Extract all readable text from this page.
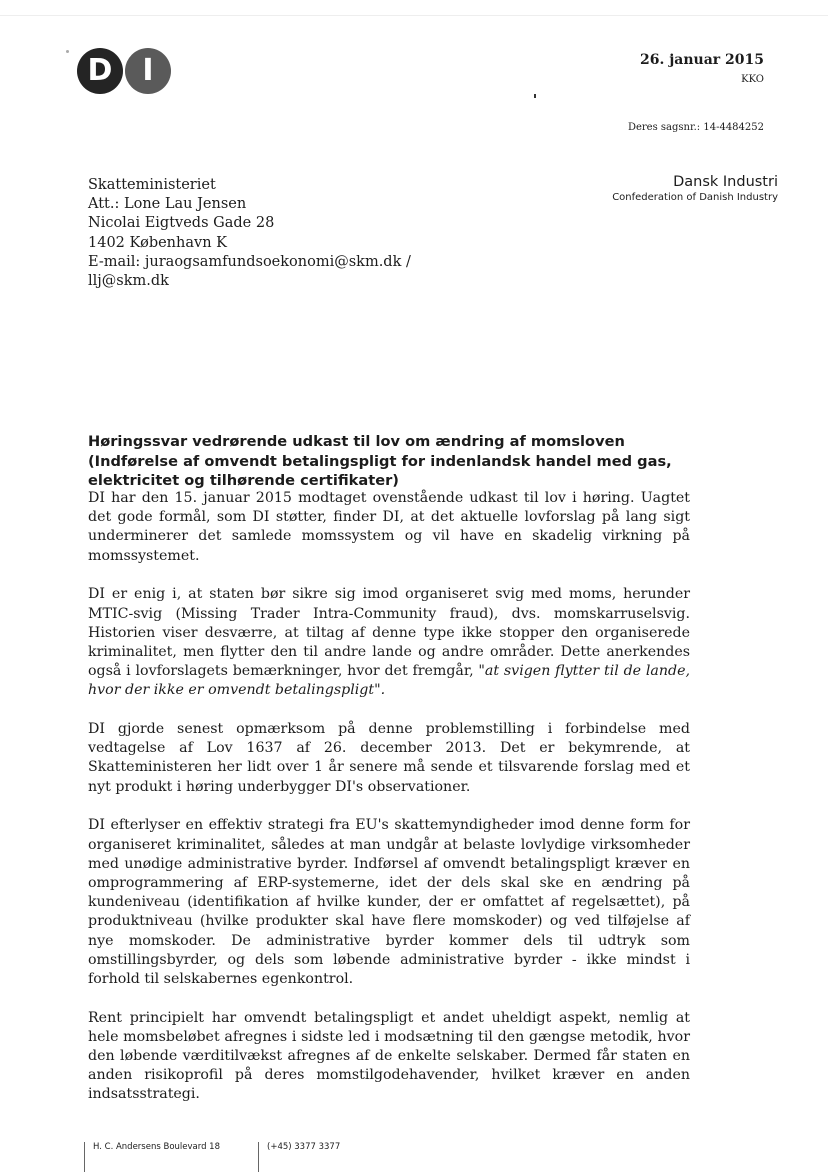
D I	26. januar 2015
KKO
Deres sagsnr.: 14-4484252
Skatteministeriet
Att.: Lone Lau Jensen
Nicolai Eigtveds Gade 28
1402 København K
E-mail: juraogsamfundsoekonomi@skm.dk /
llj@skm.dk
Dansk Industri
Confederation of Danish Industry
Høringssvar vedrørende udkast til lov om ændring af momsloven (Indførelse af omvendt betalingspligt for indenlandsk handel med gas, elektricitet og tilhørende certifikater)

DI har den 15. januar 2015 modtaget ovenstående udkast til lov i høring. Uagtet det gode formål, som DI støtter, finder DI, at det aktuelle lovforslag på lang sigt underminerer det samlede momssystem og vil have en skadelig virkning på momssystemet.

DI er enig i, at staten bør sikre sig imod organiseret svig med moms, herunder MTIC-svig (Missing Trader Intra-Community fraud), dvs. momskarruselsvig. Historien viser desværre, at tiltag af denne type ikke stopper den organiserede kriminalitet, men flytter den til andre lande og andre områder. Dette anerkendes også i lovforslagets bemærkninger, hvor det fremgår, "at svigen flytter til de lande, hvor der ikke er omvendt betalingspligt".

DI gjorde senest opmærksom på denne problemstilling i forbindelse med vedtagelse af Lov 1637 af 26. december 2013. Det er bekymrende, at Skatteministeren her lidt over 1 år senere må sende et tilsvarende forslag med et nyt produkt i høring underbygger DI's observationer.

DI efterlyser en effektiv strategi fra EU's skattemyndigheder imod denne form for organiseret kriminalitet, således at man undgår at belaste lovlydige virksomheder med unødige administrative byrder. Indførsel af omvendt betalingspligt kræver en omprogrammering af ERP-systemerne, idet der dels skal ske en ændring på kundeniveau (identifikation af hvilke kunder, der er omfattet af regelsættet), på produktniveau (hvilke produkter skal have flere momskoder) og ved tilføjelse af nye momskoder. De administrative byrder kommer dels til udtryk som omstillingsbyrder, og dels som løbende administrative byrder - ikke mindst i forhold til selskabernes egenkontrol.

Rent principielt har omvendt betalingspligt et andet uheldigt aspekt, nemlig at hele momsbeløbet afregnes i sidste led i modsætning til den gængse metodik, hvor den løbende værditilvækst afregnes af de enkelte selskaber. Dermed får staten en anden risikoprofil på deres momstilgodehavender, hvilket kræver en anden indsatsstrategi.

H. C. Andersens Boulevard 18	(+45) 3377 3377
